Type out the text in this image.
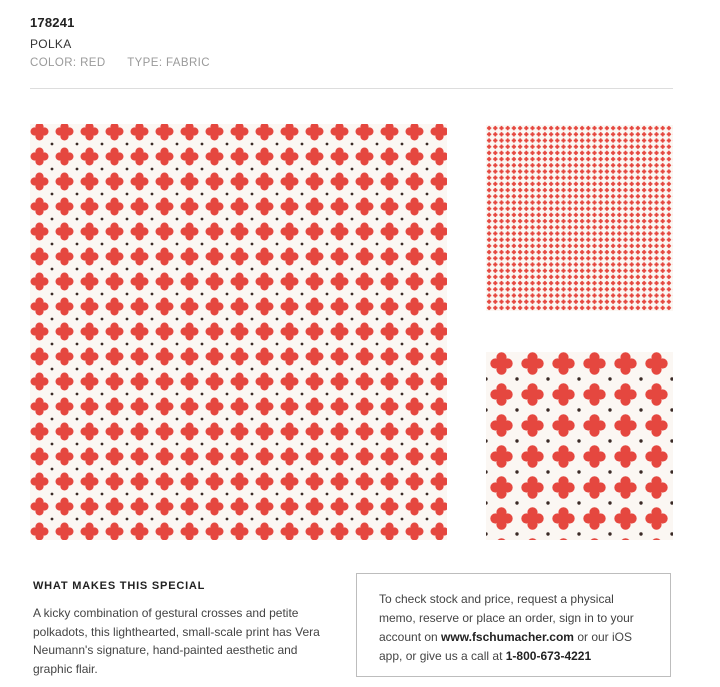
178241
POLKA
COLOR: RED TYPE: FABRIC
WHAT MAKES THIS SPECIAL
A kicky combination of gestural crosses and petite polkadots, this lighthearted, small-scale print has Vera Neumann's signature, hand-painted aesthetic and graphic flair.
To check stock and price, request a physical memo, reserve or place an order, sign in to your account on www.fschumacher.com or our iOS app, or give us a call at 1-800-673-4221
